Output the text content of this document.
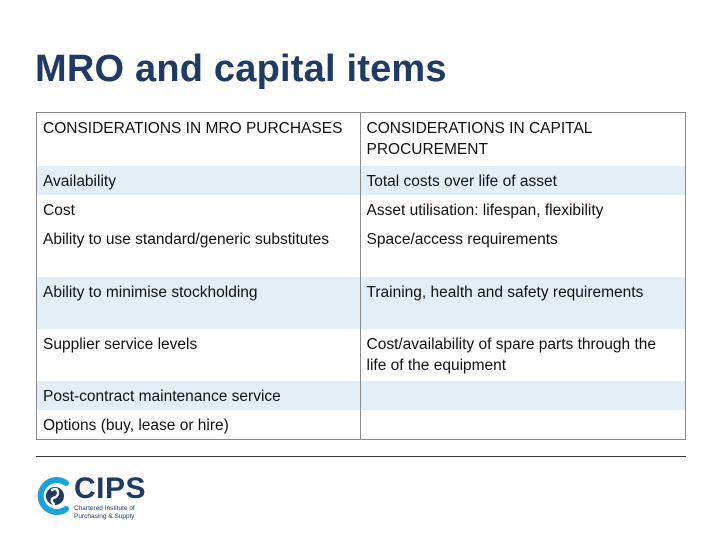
MRO and capital items
CONSIDERATIONS IN MRO PURCHASES	CONSIDERATIONS IN CAPITAL PROCUREMENT
Availability	Total costs over life of asset
Cost	Asset utilisation: lifespan, flexibility
Ability to use standard/generic substitutes	Space/access requirements
Ability to minimise stockholding	Training, health and safety requirements
Supplier service levels	Cost/availability of spare parts through the life of the equipment
Post-contract maintenance service	
Options (buy, lease or hire)	
CIPS
Chartered Institute of
Purchasing & Supply
